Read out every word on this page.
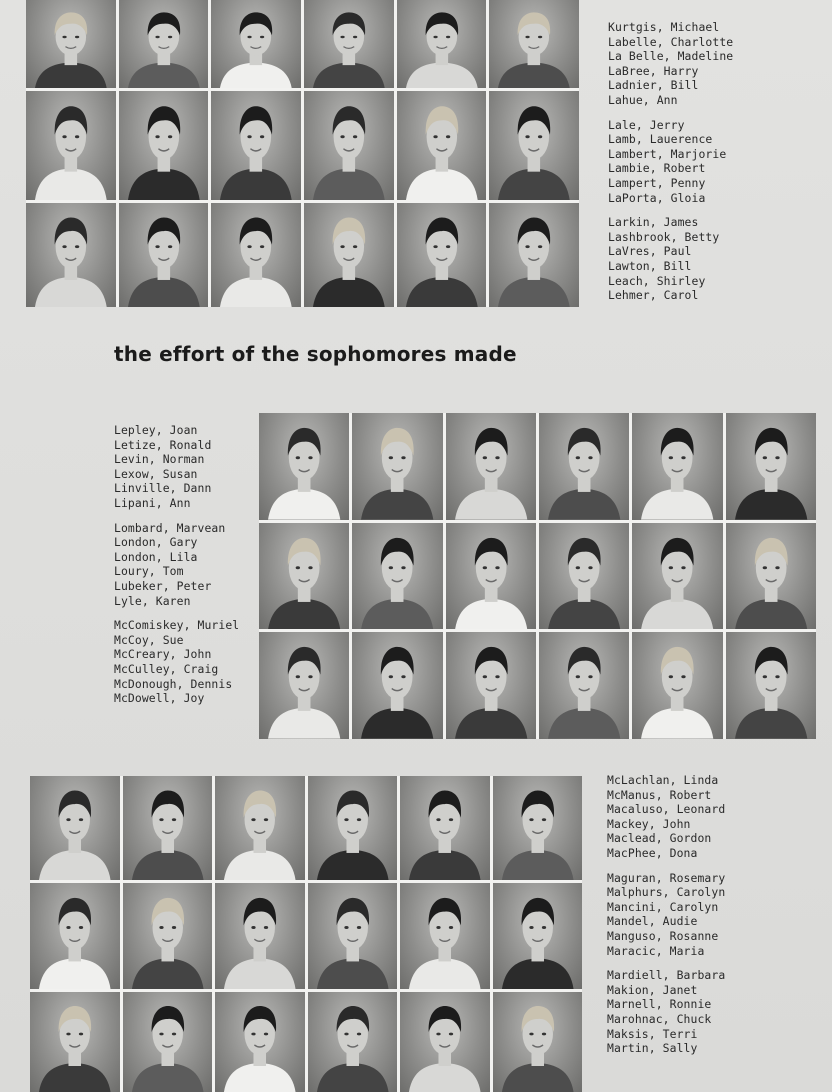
Kurtgis, Michael
Labelle, Charlotte
La Belle, Madeline
LaBree, Harry
Ladnier, Bill
Lahue, Ann
Lale, Jerry
Lamb, Lauerence
Lambert, Marjorie
Lambie, Robert
Lampert, Penny
LaPorta, Gloia
Larkin, James
Lashbrook, Betty
LaVres, Paul
Lawton, Bill
Leach, Shirley
Lehmer, Carol
the effort of the sophomores made
Lepley, Joan
Letize, Ronald
Levin, Norman
Lexow, Susan
Linville, Dann
Lipani, Ann
Lombard, Marvean
London, Gary
London, Lila
Loury, Tom
Lubeker, Peter
Lyle, Karen
McComiskey, Muriel
McCoy, Sue
McCreary, John
McCulley, Craig
McDonough, Dennis
McDowell, Joy
McLachlan, Linda
McManus, Robert
Macaluso, Leonard
Mackey, John
Maclead, Gordon
MacPhee, Dona
Maguran, Rosemary
Malphurs, Carolyn
Mancini, Carolyn
Mandel, Audie
Manguso, Rosanne
Maracic, Maria
Mardiell, Barbara
Makion, Janet
Marnell, Ronnie
Marohnac, Chuck
Maksis, Terri
Martin, Sally
